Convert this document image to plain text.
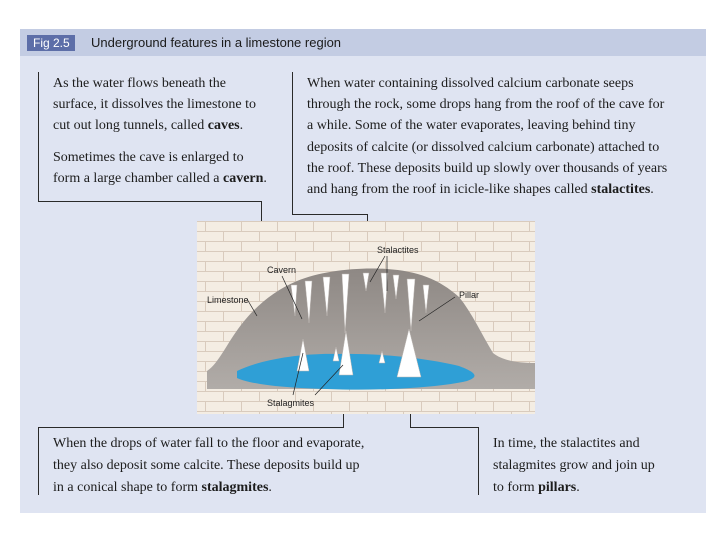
Fig 2.5	Underground features in a limestone region

As the water flows beneath the

surface, it dissolves the limestone to

cut out long tunnels, called caves.

Sometimes the cave is enlarged to

form a large chamber called a cavern.

When water containing dissolved calcium carbonate seeps

through the rock, some drops hang from the roof of the cave for

a while. Some of the water evaporates, leaving behind tiny

deposits of calcite (or dissolved calcium carbonate) attached to

the roof. These deposits build up slowly over thousands of years

and hang from the roof in icicle-like shapes called stalactites.

When the drops of water fall to the floor and evaporate,

they also deposit some calcite. These deposits build up

in a conical shape to form stalagmites.

In time, the stalactites and

stalagmites grow and join up

to form pillars.

Stalactites
Cavern
Pillar
Limestone
Stalagmites
